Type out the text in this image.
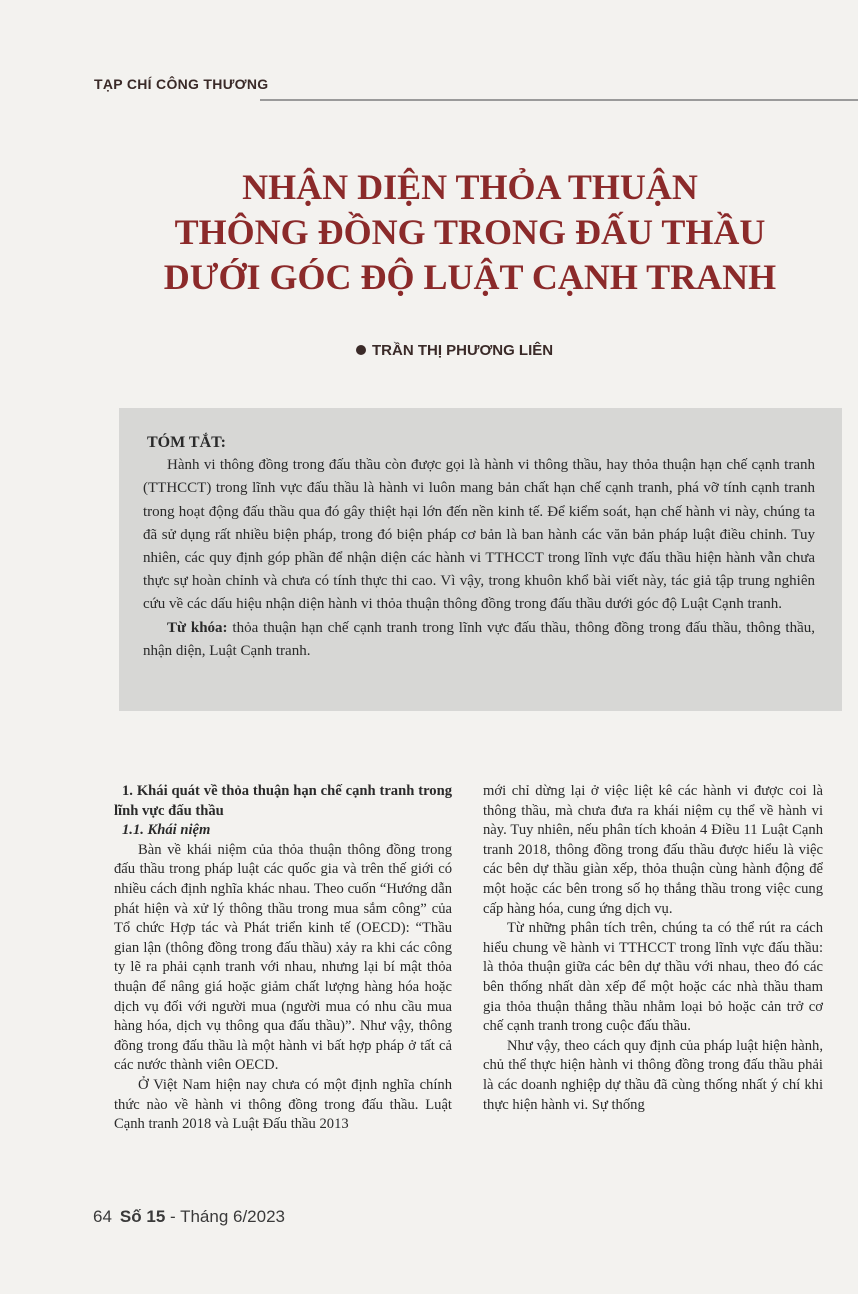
TẠP CHÍ CÔNG THƯƠNG
NHẬN DIỆN THỎA THUẬN
THÔNG ĐỒNG TRONG ĐẤU THẦU
DƯỚI GÓC ĐỘ LUẬT CẠNH TRANH
TRẦN THỊ PHƯƠNG LIÊN
TÓM TẮT:

Hành vi thông đồng trong đấu thầu còn được gọi là hành vi thông thầu, hay thỏa thuận hạn chế cạnh tranh (TTHCCT) trong lĩnh vực đấu thầu là hành vi luôn mang bản chất hạn chế cạnh tranh, phá vỡ tính cạnh tranh trong hoạt động đấu thầu qua đó gây thiệt hại lớn đến nền kinh tế. Để kiểm soát, hạn chế hành vi này, chúng ta đã sử dụng rất nhiều biện pháp, trong đó biện pháp cơ bản là ban hành các văn bản pháp luật điều chỉnh. Tuy nhiên, các quy định góp phần để nhận diện các hành vi TTHCCT trong lĩnh vực đấu thầu hiện hành vẫn chưa thực sự hoàn chỉnh và chưa có tính thực thi cao. Vì vậy, trong khuôn khổ bài viết này, tác giả tập trung nghiên cứu về các dấu hiệu nhận diện hành vi thỏa thuận thông đồng trong đấu thầu dưới góc độ Luật Cạnh tranh.

Từ khóa: thỏa thuận hạn chế cạnh tranh trong lĩnh vực đấu thầu, thông đồng trong đấu thầu, thông thầu, nhận diện, Luật Cạnh tranh.

1. Khái quát về thỏa thuận hạn chế cạnh tranh trong lĩnh vực đấu thầu

1.1. Khái niệm

Bàn về khái niệm của thỏa thuận thông đồng trong đấu thầu trong pháp luật các quốc gia và trên thế giới có nhiều cách định nghĩa khác nhau. Theo cuốn “Hướng dẫn phát hiện và xử lý thông thầu trong mua sắm công” của Tổ chức Hợp tác và Phát triển kinh tế (OECD): “Thầu gian lận (thông đồng trong đấu thầu) xảy ra khi các công ty lẽ ra phải cạnh tranh với nhau, nhưng lại bí mật thỏa thuận để nâng giá hoặc giảm chất lượng hàng hóa hoặc dịch vụ đối với người mua (người mua có nhu cầu mua hàng hóa, dịch vụ thông qua đấu thầu)”. Như vậy, thông đồng trong đấu thầu là một hành vi bất hợp pháp ở tất cả các nước thành viên OECD.

Ở Việt Nam hiện nay chưa có một định nghĩa chính thức nào về hành vi thông đồng trong đấu thầu. Luật Cạnh tranh 2018 và Luật Đấu thầu 2013

mới chỉ dừng lại ở việc liệt kê các hành vi được coi là thông thầu, mà chưa đưa ra khái niệm cụ thể về hành vi này. Tuy nhiên, nếu phân tích khoản 4 Điều 11 Luật Cạnh tranh 2018, thông đồng trong đấu thầu được hiểu là việc các bên dự thầu giàn xếp, thỏa thuận cùng hành động để một hoặc các bên trong số họ thắng thầu trong việc cung cấp hàng hóa, cung ứng dịch vụ.

Từ những phân tích trên, chúng ta có thể rút ra cách hiểu chung về hành vi TTHCCT trong lĩnh vực đấu thầu: là thỏa thuận giữa các bên dự thầu với nhau, theo đó các bên thống nhất dàn xếp để một hoặc các nhà thầu tham gia thỏa thuận thắng thầu nhằm loại bỏ hoặc cản trở cơ chế cạnh tranh trong cuộc đấu thầu.

Như vậy, theo cách quy định của pháp luật hiện hành, chủ thể thực hiện hành vi thông đồng trong đấu thầu phải là các doanh nghiệp dự thầu đã cùng thống nhất ý chí khi thực hiện hành vi. Sự thống

64 Số 15 - Tháng 6/2023
